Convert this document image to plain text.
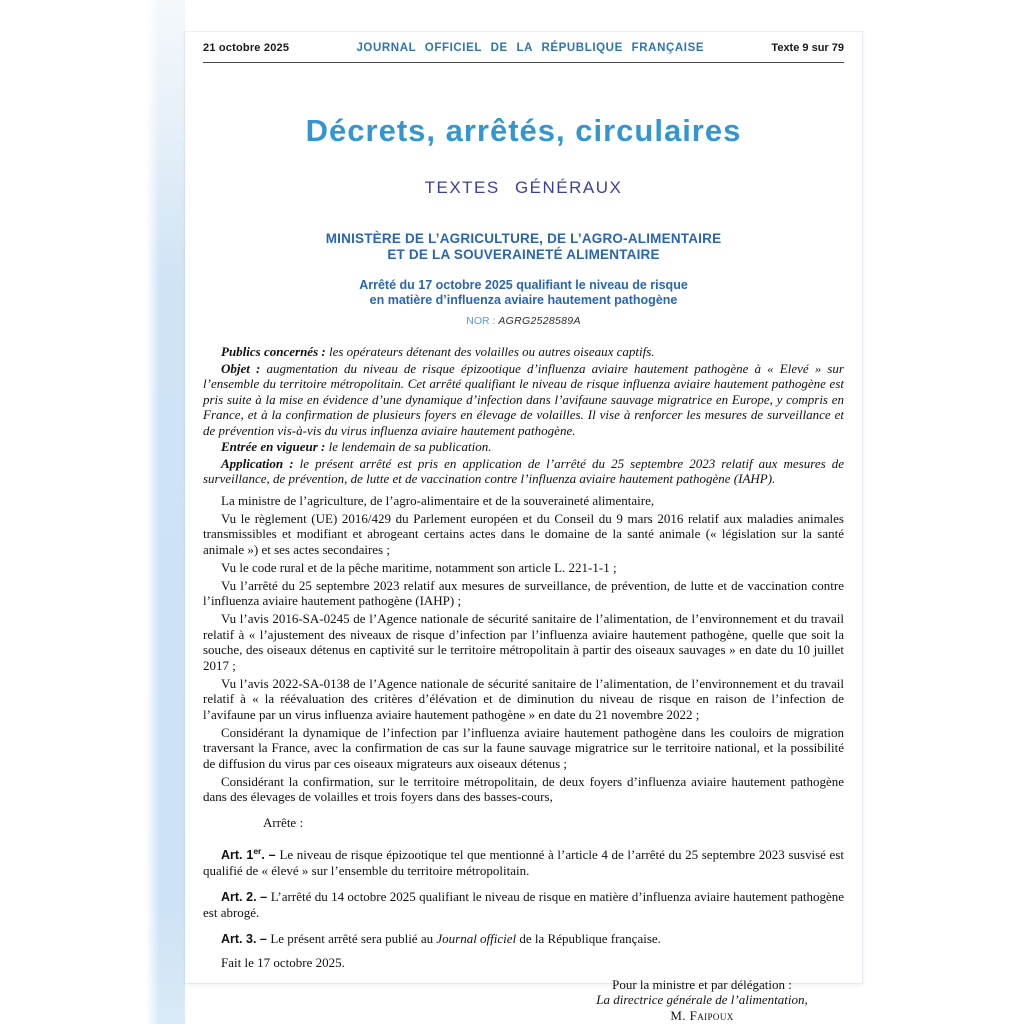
21 octobre 2025	JOURNAL OFFICIEL DE LA RÉPUBLIQUE FRANÇAISE	Texte 9 sur 79
Décrets, arrêtés, circulaires
TEXTES GÉNÉRAUX
MINISTÈRE DE L’AGRICULTURE, DE L’AGRO-ALIMENTAIRE
ET DE LA SOUVERAINETÉ ALIMENTAIRE
Arrêté du 17 octobre 2025 qualifiant le niveau de risque
en matière d’influenza aviaire hautement pathogène
NOR : AGRG2528589A

Publics concernés : les opérateurs détenant des volailles ou autres oiseaux captifs.

Objet : augmentation du niveau de risque épizootique d’influenza aviaire hautement pathogène à « Elevé » sur l’ensemble du territoire métropolitain. Cet arrêté qualifiant le niveau de risque influenza aviaire hautement pathogène est pris suite à la mise en évidence d’une dynamique d’infection dans l’avifaune sauvage migratrice en Europe, y compris en France, et à la confirmation de plusieurs foyers en élevage de volailles. Il vise à renforcer les mesures de surveillance et de prévention vis-à-vis du virus influenza aviaire hautement pathogène.

Entrée en vigueur : le lendemain de sa publication.

Application : le présent arrêté est pris en application de l’arrêté du 25 septembre 2023 relatif aux mesures de surveillance, de prévention, de lutte et de vaccination contre l’influenza aviaire hautement pathogène (IAHP).

La ministre de l’agriculture, de l’agro-alimentaire et de la souveraineté alimentaire,

Vu le règlement (UE) 2016/429 du Parlement européen et du Conseil du 9 mars 2016 relatif aux maladies animales transmissibles et modifiant et abrogeant certains actes dans le domaine de la santé animale (« législation sur la santé animale ») et ses actes secondaires ;

Vu le code rural et de la pêche maritime, notamment son article L. 221-1-1 ;

Vu l’arrêté du 25 septembre 2023 relatif aux mesures de surveillance, de prévention, de lutte et de vaccination contre l’influenza aviaire hautement pathogène (IAHP) ;

Vu l’avis 2016-SA-0245 de l’Agence nationale de sécurité sanitaire de l’alimentation, de l’environnement et du travail relatif à « l’ajustement des niveaux de risque d’infection par l’influenza aviaire hautement pathogène, quelle que soit la souche, des oiseaux détenus en captivité sur le territoire métropolitain à partir des oiseaux sauvages » en date du 10 juillet 2017 ;

Vu l’avis 2022-SA-0138 de l’Agence nationale de sécurité sanitaire de l’alimentation, de l’environnement et du travail relatif à « la réévaluation des critères d’élévation et de diminution du niveau de risque en raison de l’infection de l’avifaune par un virus influenza aviaire hautement pathogène » en date du 21 novembre 2022 ;

Considérant la dynamique de l’infection par l’influenza aviaire hautement pathogène dans les couloirs de migration traversant la France, avec la confirmation de cas sur la faune sauvage migratrice sur le territoire national, et la possibilité de diffusion du virus par ces oiseaux migrateurs aux oiseaux détenus ;

Considérant la confirmation, sur le territoire métropolitain, de deux foyers d’influenza aviaire hautement pathogène dans des élevages de volailles et trois foyers dans des basses-cours,

Arrête :

Art. 1er. – Le niveau de risque épizootique tel que mentionné à l’article 4 de l’arrêté du 25 septembre 2023 susvisé est qualifié de « élevé » sur l’ensemble du territoire métropolitain.

Art. 2. – L’arrêté du 14 octobre 2025 qualifiant le niveau de risque en matière d’influenza aviaire hautement pathogène est abrogé.

Art. 3. – Le présent arrêté sera publié au Journal officiel de la République française.

Fait le 17 octobre 2025.

Pour la ministre et par délégation :
La directrice générale de l’alimentation,
M. Faipoux
